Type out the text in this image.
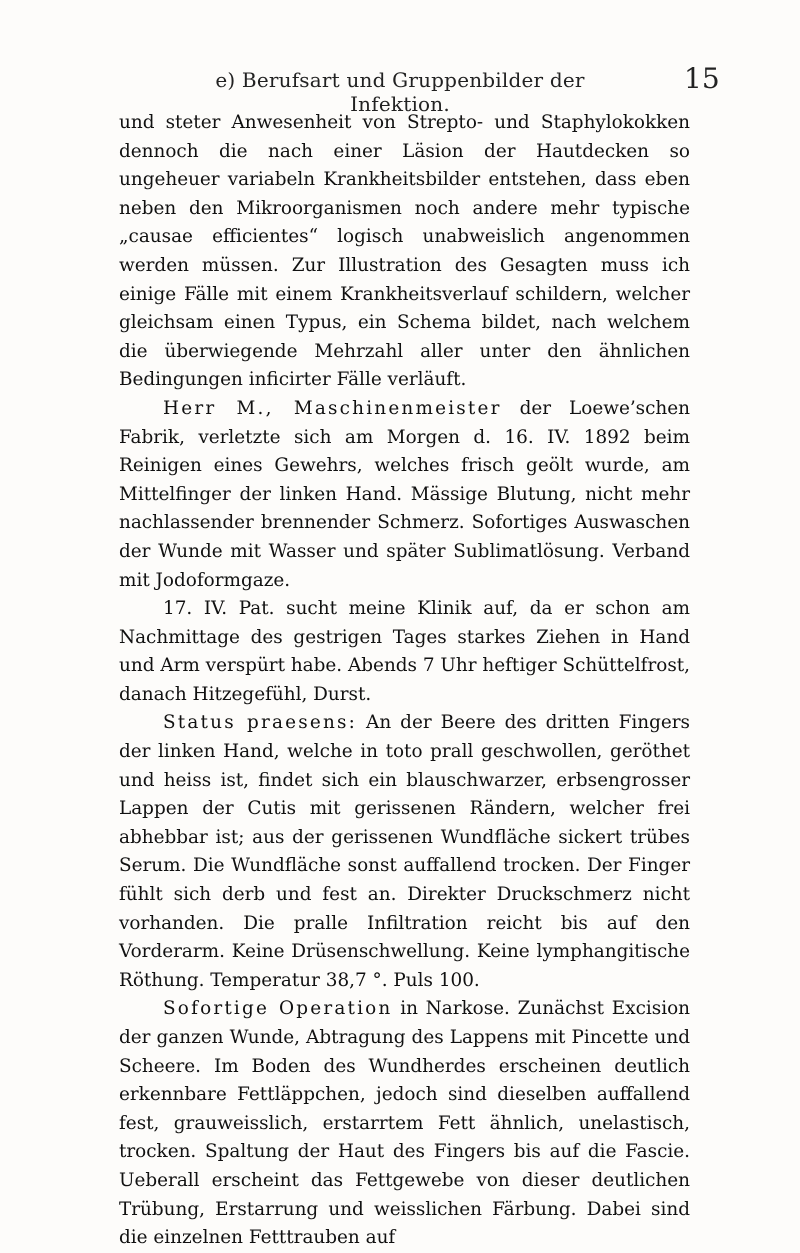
e) Berufsart und Gruppenbilder der Infektion.
15

und steter Anwesenheit von Strepto- und Staphylokokken dennoch die nach einer Läsion der Hautdecken so ungeheuer variabeln Krankheitsbilder entstehen, dass eben neben den Mikroorganismen noch andere mehr typische „causae efficientes“ logisch unabweislich angenommen werden müssen. Zur Illustration des Gesagten muss ich einige Fälle mit einem Krankheitsverlauf schildern, welcher gleichsam einen Typus, ein Schema bildet, nach welchem die überwiegende Mehrzahl aller unter den ähnlichen Bedingungen inficirter Fälle verläuft.

Herr M., Maschinenmeister der Loewe’schen Fabrik, verletzte sich am Morgen d. 16. IV. 1892 beim Reinigen eines Gewehrs, welches frisch geölt wurde, am Mittelfinger der linken Hand. Mässige Blutung, nicht mehr nachlassender brennender Schmerz. Sofortiges Auswaschen der Wunde mit Wasser und später Sublimatlösung. Verband mit Jodoformgaze.

17. IV. Pat. sucht meine Klinik auf, da er schon am Nachmittage des gestrigen Tages starkes Ziehen in Hand und Arm verspürt habe. Abends 7 Uhr heftiger Schüttelfrost, danach Hitzegefühl, Durst.

Status praesens: An der Beere des dritten Fingers der linken Hand, welche in toto prall geschwollen, geröthet und heiss ist, findet sich ein blauschwarzer, erbsengrosser Lappen der Cutis mit gerissenen Rändern, welcher frei abhebbar ist; aus der gerissenen Wundfläche sickert trübes Serum. Die Wundfläche sonst auffallend trocken. Der Finger fühlt sich derb und fest an. Direkter Druckschmerz nicht vorhanden. Die pralle Infiltration reicht bis auf den Vorderarm. Keine Drüsenschwellung. Keine lymphangitische Röthung. Temperatur 38,7 °. Puls 100.

Sofortige Operation in Narkose. Zunächst Excision der ganzen Wunde, Abtragung des Lappens mit Pincette und Scheere. Im Boden des Wundherdes erscheinen deutlich erkennbare Fettläppchen, jedoch sind dieselben auffallend fest, grauweisslich, erstarrtem Fett ähnlich, unelastisch, trocken. Spaltung der Haut des Fingers bis auf die Fascie. Ueberall erscheint das Fettgewebe von dieser deutlichen Trübung, Erstarrung und weisslichen Färbung. Dabei sind die einzelnen Fetttrauben auf
